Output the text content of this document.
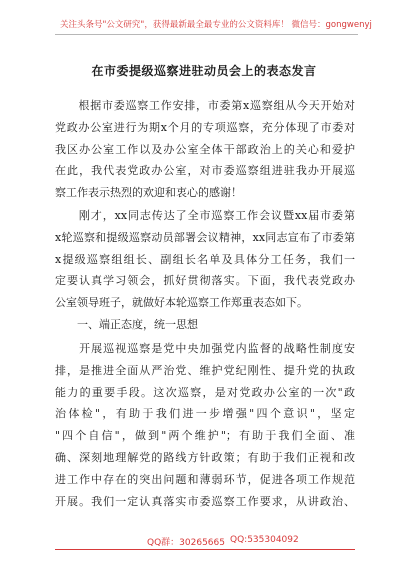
关注头条号"公文研究"，获得最新最全最专业的公文资料库！ 微信号：gongwenyj
在市委提级巡察进驻动员会上的表态发言
　　根据市委巡察工作安排，市委第x巡察组从今天开始对
党政办公室进行为期x个月的专项巡察，充分体现了市委对
我区办公室工作以及办公室全体干部政治上的关心和爱护
在此，我代表党政办公室，对市委巡察组进驻我办开展巡
察工作表示热烈的欢迎和衷心的感谢！
　　刚才，xx同志传达了全市巡察工作会议暨xx届市委第
x轮巡察和提级巡察动员部署会议精神，xx同志宣布了市委第
x提级巡察组组长、副组长名单及具体分工任务，我们一
定要认真学习领会，抓好贯彻落实。下面，我代表党政办
公室领导班子，就做好本轮巡察工作郑重表态如下。
　　一、端正态度，统一思想
　　开展巡视巡察是党中央加强党内监督的战略性制度安
排，是推进全面从严治党、维护党纪刚性、提升党的执政
能力的重要手段。这次巡察，是对党政办公室的一次"政
治体检"，有助于我们进一步增强"四个意识"，坚定
"四个自信"，做到"两个维护"；有助于我们全面、准
确、深刻地理解党的路线方针政策；有助于我们正视和改
进工作中存在的突出问题和薄弱环节，促进各项工作规范
开展。我们一定认真落实市委巡察工作要求，从讲政治、
QQ群：30265665 QQ:535304092
